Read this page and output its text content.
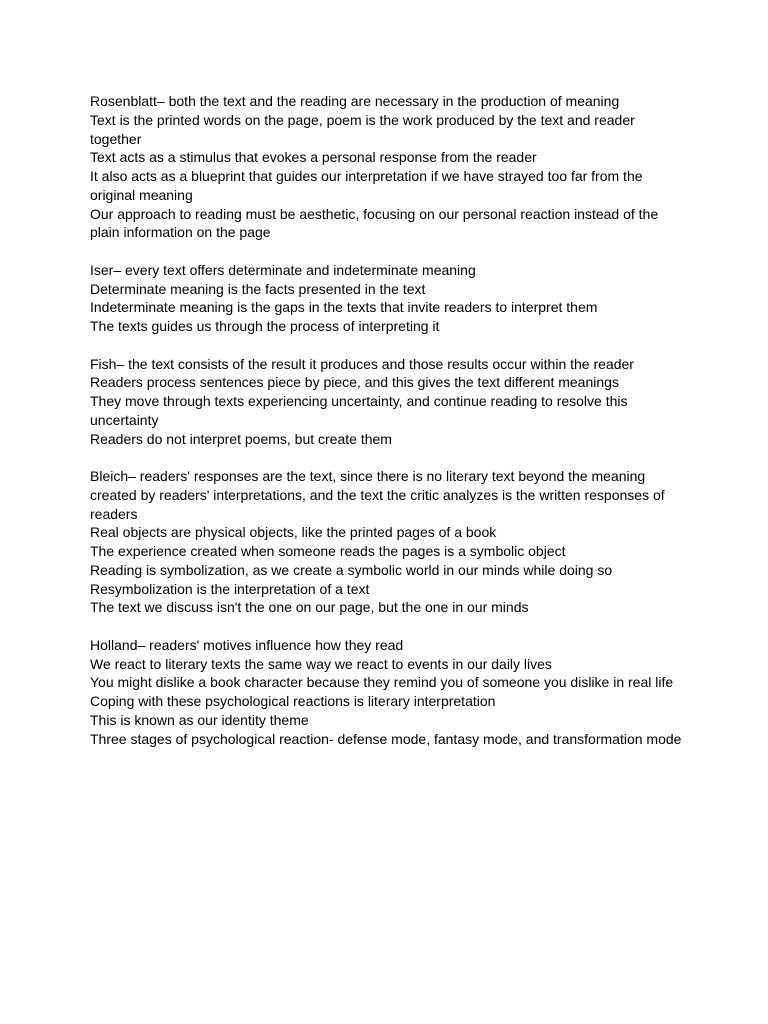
Rosenblatt– both the text and the reading are necessary in the production of meaning
Text is the printed words on the page, poem is the work produced by the text and reader together
Text acts as a stimulus that evokes a personal response from the reader
It also acts as a blueprint that guides our interpretation if we have strayed too far from the original meaning
Our approach to reading must be aesthetic, focusing on our personal reaction instead of the plain information on the page
Iser– every text offers determinate and indeterminate meaning
Determinate meaning is the facts presented in the text
Indeterminate meaning is the gaps in the texts that invite readers to interpret them
The texts guides us through the process of interpreting it
Fish– the text consists of the result it produces and those results occur within the reader
Readers process sentences piece by piece, and this gives the text different meanings
They move through texts experiencing uncertainty, and continue reading to resolve this uncertainty
Readers do not interpret poems, but create them
Bleich– readers' responses are the text, since there is no literary text beyond the meaning created by readers' interpretations, and the text the critic analyzes is the written responses of readers
Real objects are physical objects, like the printed pages of a book
The experience created when someone reads the pages is a symbolic object
Reading is symbolization, as we create a symbolic world in our minds while doing so
Resymbolization is the interpretation of a text
The text we discuss isn't the one on our page, but the one in our minds
Holland– readers' motives influence how they read
We react to literary texts the same way we react to events in our daily lives
You might dislike a book character because they remind you of someone you dislike in real life
Coping with these psychological reactions is literary interpretation
This is known as our identity theme
Three stages of psychological reaction- defense mode, fantasy mode, and transformation mode
